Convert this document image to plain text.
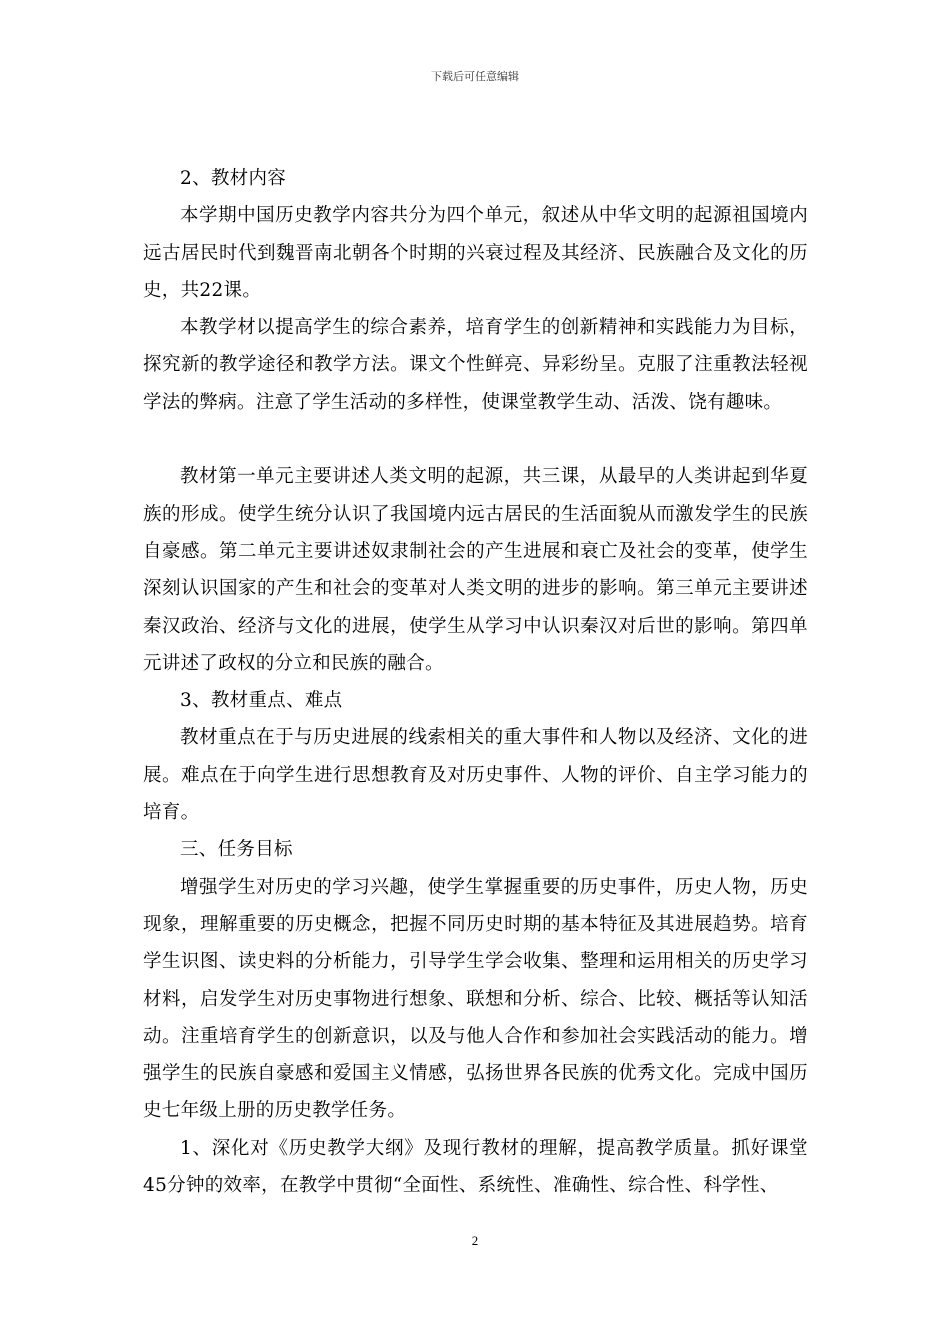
下载后可任意编辑

2、教材内容

本学期中国历史教学内容共分为四个单元，叙述从中华文明的起源祖国境内远古居民时代到魏晋南北朝各个时期的兴衰过程及其经济、民族融合及文化的历史，共22课。

本教学材以提高学生的综合素养，培育学生的创新精神和实践能力为目标，探究新的教学途径和教学方法。课文个性鲜亮、异彩纷呈。克服了注重教法轻视学法的弊病。注意了学生活动的多样性，使课堂教学生动、活泼、饶有趣味。

教材第一单元主要讲述人类文明的起源，共三课，从最早的人类讲起到华夏族的形成。使学生统分认识了我国境内远古居民的生活面貌从而激发学生的民族自豪感。第二单元主要讲述奴隶制社会的产生进展和衰亡及社会的变革，使学生深刻认识国家的产生和社会的变革对人类文明的进步的影响。第三单元主要讲述秦汉政治、经济与文化的进展，使学生从学习中认识秦汉对后世的影响。第四单元讲述了政权的分立和民族的融合。

3、教材重点、难点

教材重点在于与历史进展的线索相关的重大事件和人物以及经济、文化的进展。难点在于向学生进行思想教育及对历史事件、人物的评价、自主学习能力的培育。

三、任务目标

增强学生对历史的学习兴趣，使学生掌握重要的历史事件，历史人物，历史现象，理解重要的历史概念，把握不同历史时期的基本特征及其进展趋势。培育学生识图、读史料的分析能力，引导学生学会收集、整理和运用相关的历史学习材料，启发学生对历史事物进行想象、联想和分析、综合、比较、概括等认知活动。注重培育学生的创新意识，以及与他人合作和参加社会实践活动的能力。增强学生的民族自豪感和爱国主义情感，弘扬世界各民族的优秀文化。完成中国历史七年级上册的历史教学任务。

1、深化对《历史教学大纲》及现行教材的理解，提高教学质量。抓好课堂45分钟的效率，在教学中贯彻“全面性、系统性、准确性、综合性、科学性、

2
